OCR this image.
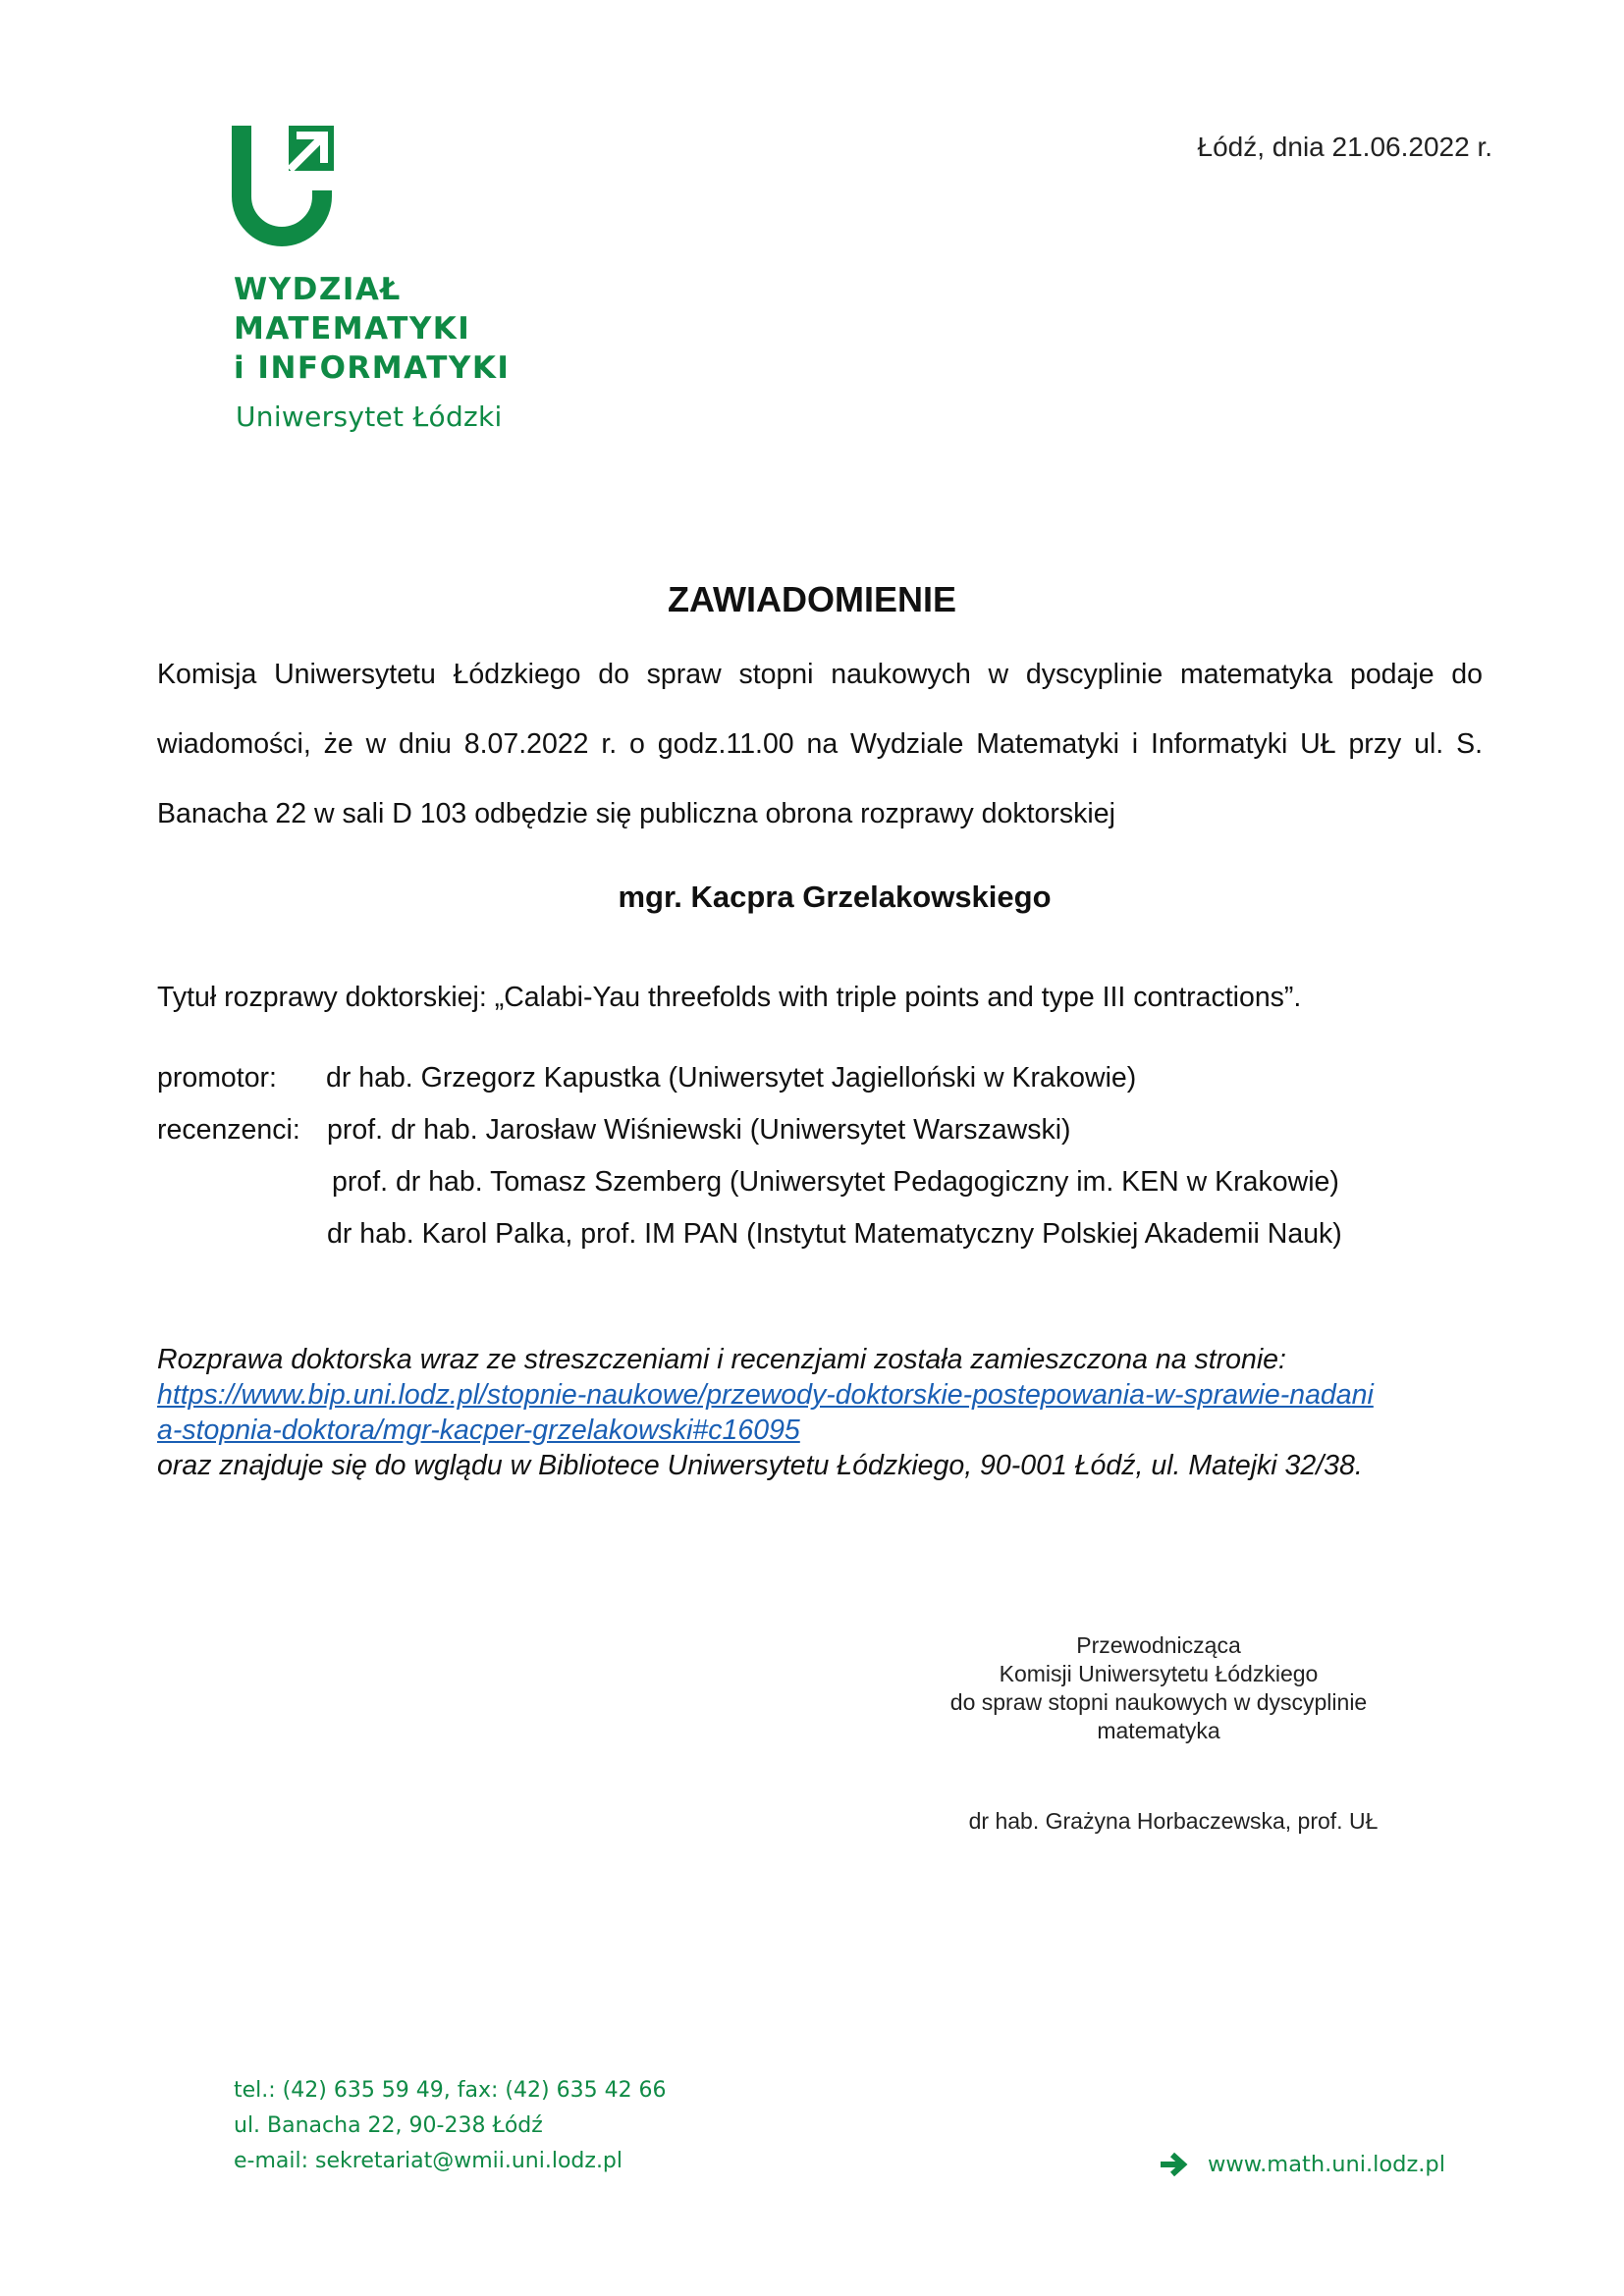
WYDZIAŁ
MATEMATYKI
i INFORMATYKI
Uniwersytet Łódzki
Łódź, dnia 21.06.2022 r.
ZAWIADOMIENIE
Komisja Uniwersytetu Łódzkiego do spraw stopni naukowych w dyscyplinie matematyka podaje do wiadomości, że w dniu 8.07.2022 r. o godz.11.00 na Wydziale Matematyki i Informatyki UŁ przy ul. S. Banacha 22 w sali D 103 odbędzie się publiczna obrona rozprawy doktorskiej
mgr. Kacpra Grzelakowskiego
Tytuł rozprawy doktorskiej: „Calabi-Yau threefolds with triple points and type III contractions”.
promotor: dr hab. Grzegorz Kapustka (Uniwersytet Jagielloński w Krakowie)
recenzenci: prof. dr hab. Jarosław Wiśniewski (Uniwersytet Warszawski)
prof. dr hab. Tomasz Szemberg (Uniwersytet Pedagogiczny im. KEN w Krakowie)
dr hab. Karol Palka, prof. IM PAN (Instytut Matematyczny Polskiej Akademii Nauk)
Rozprawa doktorska wraz ze streszczeniami i recenzjami została zamieszczona na stronie:
https://www.bip.uni.lodz.pl/stopnie-naukowe/przewody-doktorskie-postepowania-w-sprawie-nadania-stopnia-doktora/mgr-kacper-grzelakowski#c16095
oraz znajduje się do wglądu w Bibliotece Uniwersytetu Łódzkiego, 90-001 Łódź, ul. Matejki 32/38.
Przewodnicząca
Komisji Uniwersytetu Łódzkiego
do spraw stopni naukowych w dyscyplinie
matematyka
dr hab. Grażyna Horbaczewska, prof. UŁ
tel.: (42) 635 59 49, fax: (42) 635 42 66
ul. Banacha 22, 90-238 Łódź
e-mail: sekretariat@wmii.uni.lodz.pl	www.math.uni.lodz.pl
